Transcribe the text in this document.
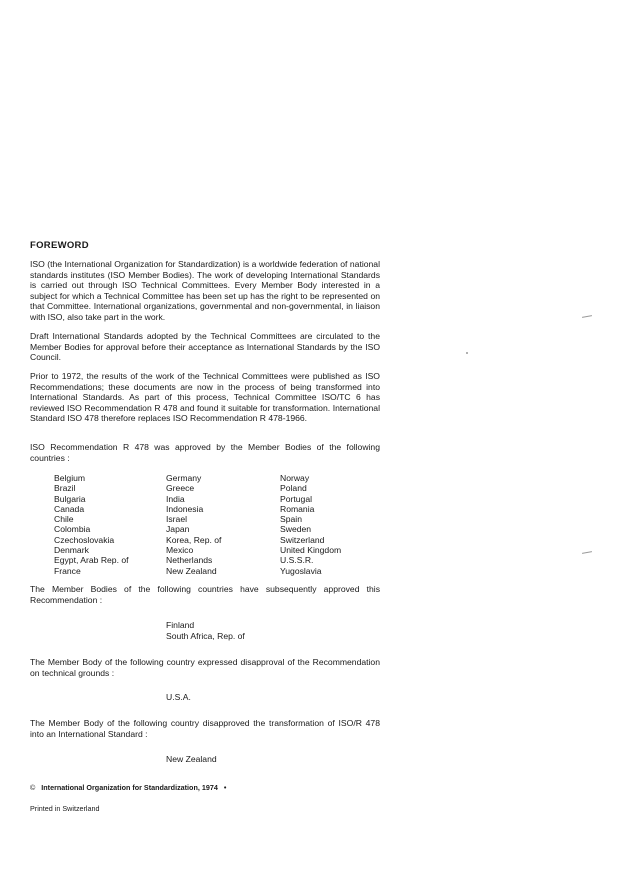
FOREWORD
ISO (the International Organization for Standardization) is a worldwide federation of national standards institutes (ISO Member Bodies). The work of developing International Standards is carried out through ISO Technical Committees. Every Member Body interested in a subject for which a Technical Committee has been set up has the right to be represented on that Committee. International organizations, governmental and non-governmental, in liaison with ISO, also take part in the work.
Draft International Standards adopted by the Technical Committees are circulated to the Member Bodies for approval before their acceptance as International Standards by the ISO Council.
Prior to 1972, the results of the work of the Technical Committees were published as ISO Recommendations; these documents are now in the process of being transformed into International Standards. As part of this process, Technical Committee ISO/TC 6 has reviewed ISO Recommendation R 478 and found it suitable for transformation. International Standard ISO 478 therefore replaces ISO Recommendation R 478-1966.
ISO Recommendation R 478 was approved by the Member Bodies of the following countries :
Belgium
Brazil
Bulgaria
Canada
Chile
Colombia
Czechoslovakia
Denmark
Egypt, Arab Rep. of
France
Germany
Greece
India
Indonesia
Israel
Japan
Korea, Rep. of
Mexico
Netherlands
New Zealand
Norway
Poland
Portugal
Romania
Spain
Sweden
Switzerland
United Kingdom
U.S.S.R.
Yugoslavia
The Member Bodies of the following countries have subsequently approved this Recommendation :
Finland
South Africa, Rep. of
The Member Body of the following country expressed disapproval of the Recommendation on technical grounds :
U.S.A.
The Member Body of the following country disapproved the transformation of ISO/R 478 into an International Standard :
New Zealand
© International Organization for Standardization, 1974 •
Printed in Switzerland
